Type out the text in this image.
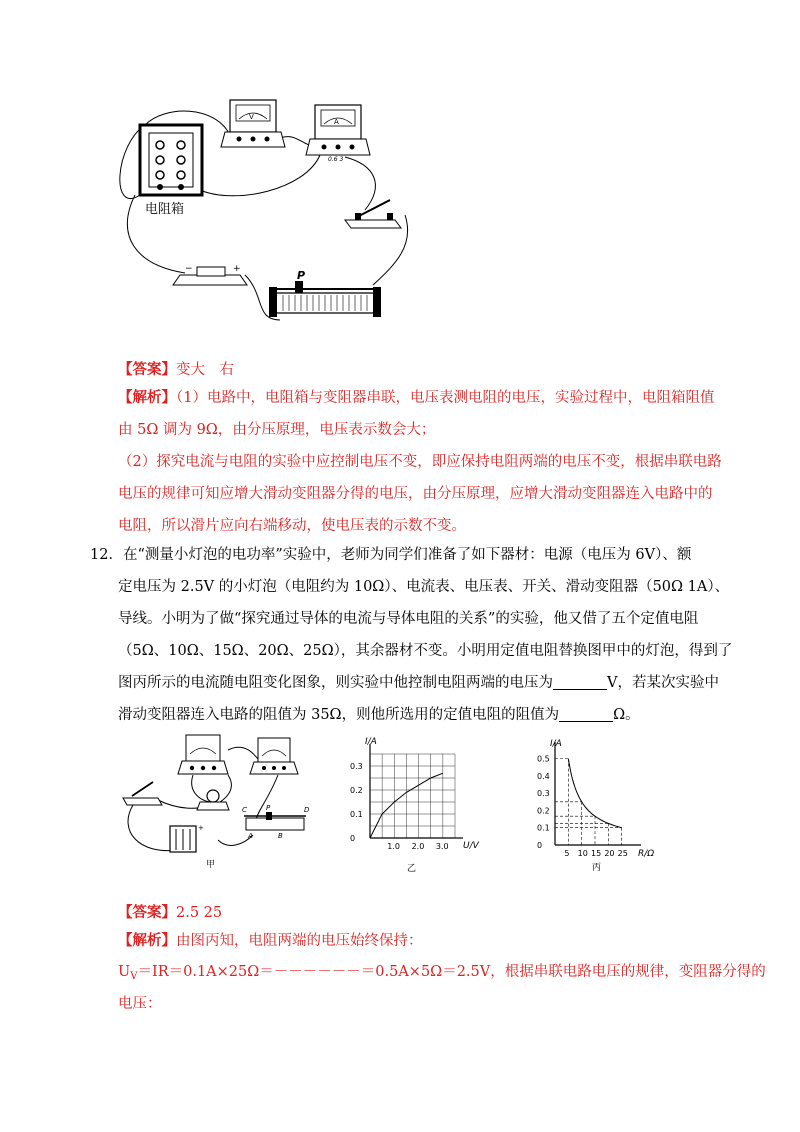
电阻箱
V
A
0.6 3
−	+	P
【答案】变大　右
【解析】（1）电路中，电阻箱与变阻器串联，电压表测电阻的电压，实验过程中，电阻箱阻值
由 5Ω 调为 9Ω，由分压原理，电压表示数会大；
（2）探究电流与电阻的实验中应控制电压不变，即应保持电阻两端的电压不变，根据串联电路
电压的规律可知应增大滑动变阻器分得的电压，由分压原理，应增大滑动变阻器连入电路中的
电阻，所以滑片应向右端移动，使电压表的示数不变。
12．在“测量小灯泡的电功率”实验中，老师为同学们准备了如下器材：电源（电压为 6V）、额
定电压为 2.5V 的小灯泡（电阻约为 10Ω）、电流表、电压表、开关、滑动变阻器（50Ω 1A）、
导线。小明为了做“探究通过导体的电流与导体电阻的关系”的实验，他又借了五个定值电阻
（5Ω、10Ω、15Ω、20Ω、25Ω），其余器材不变。小明用定值电阻替换图甲中的灯泡，得到了
图丙所示的电流随电阻变化图象，则实验中他控制电阻两端的电压为	V，若某次实验中
滑动变阻器连入电路的阻值为 35Ω，则他所选用的定值电阻的阻值为	Ω。
+
C	P	D
A	B
甲
I/A
U/V
乙
0.3
0.2
0.1
0
1.0 2.0 3.0
I/A
R/Ω
丙
0.5
0.4
0.3
0.2
0.1
0
5 10 15 20 25
【答案】2.5 25
【解析】由图丙知，电阻两端的电压始终保持：
$U_V=IR=0.1A\times 25\Omega=------=0.5A\times 5\Omega=2.5V$，根据串联电路电压的规律，变阻器分得的
电压：
